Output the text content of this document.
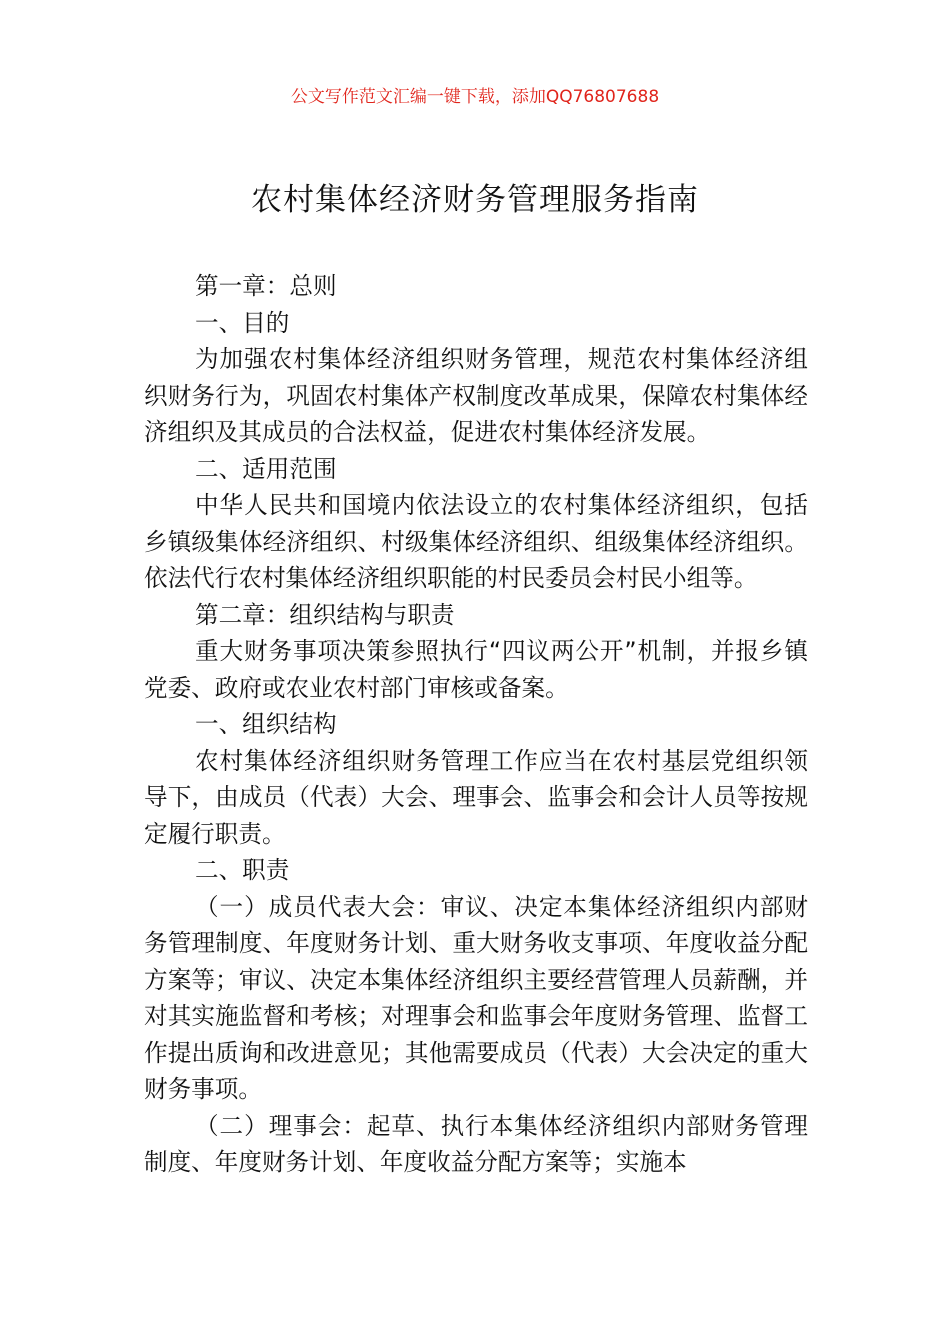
公文写作范文汇编一键下载，添加QQ76807688
农村集体经济财务管理服务指南

第一章：总则

一、目的

为加强农村集体经济组织财务管理，规范农村集体经济组织财务行为，巩固农村集体产权制度改革成果，保障农村集体经济组织及其成员的合法权益，促进农村集体经济发展。

二、适用范围

中华人民共和国境内依法设立的农村集体经济组织，包括乡镇级集体经济组织、村级集体经济组织、组级集体经济组织。依法代行农村集体经济组织职能的村民委员会村民小组等。

第二章：组织结构与职责

重大财务事项决策参照执行“四议两公开”机制，并报乡镇党委、政府或农业农村部门审核或备案。

一、组织结构

农村集体经济组织财务管理工作应当在农村基层党组织领导下，由成员（代表）大会、理事会、监事会和会计人员等按规定履行职责。

二、职责

（一）成员代表大会：审议、决定本集体经济组织内部财务管理制度、年度财务计划、重大财务收支事项、年度收益分配方案等；审议、决定本集体经济组织主要经营管理人员薪酬，并对其实施监督和考核；对理事会和监事会年度财务管理、监督工作提出质询和改进意见；其他需要成员（代表）大会决定的重大财务事项。

（二）理事会：起草、执行本集体经济组织内部财务管理制度、年度财务计划、年度收益分配方案等；实施本
